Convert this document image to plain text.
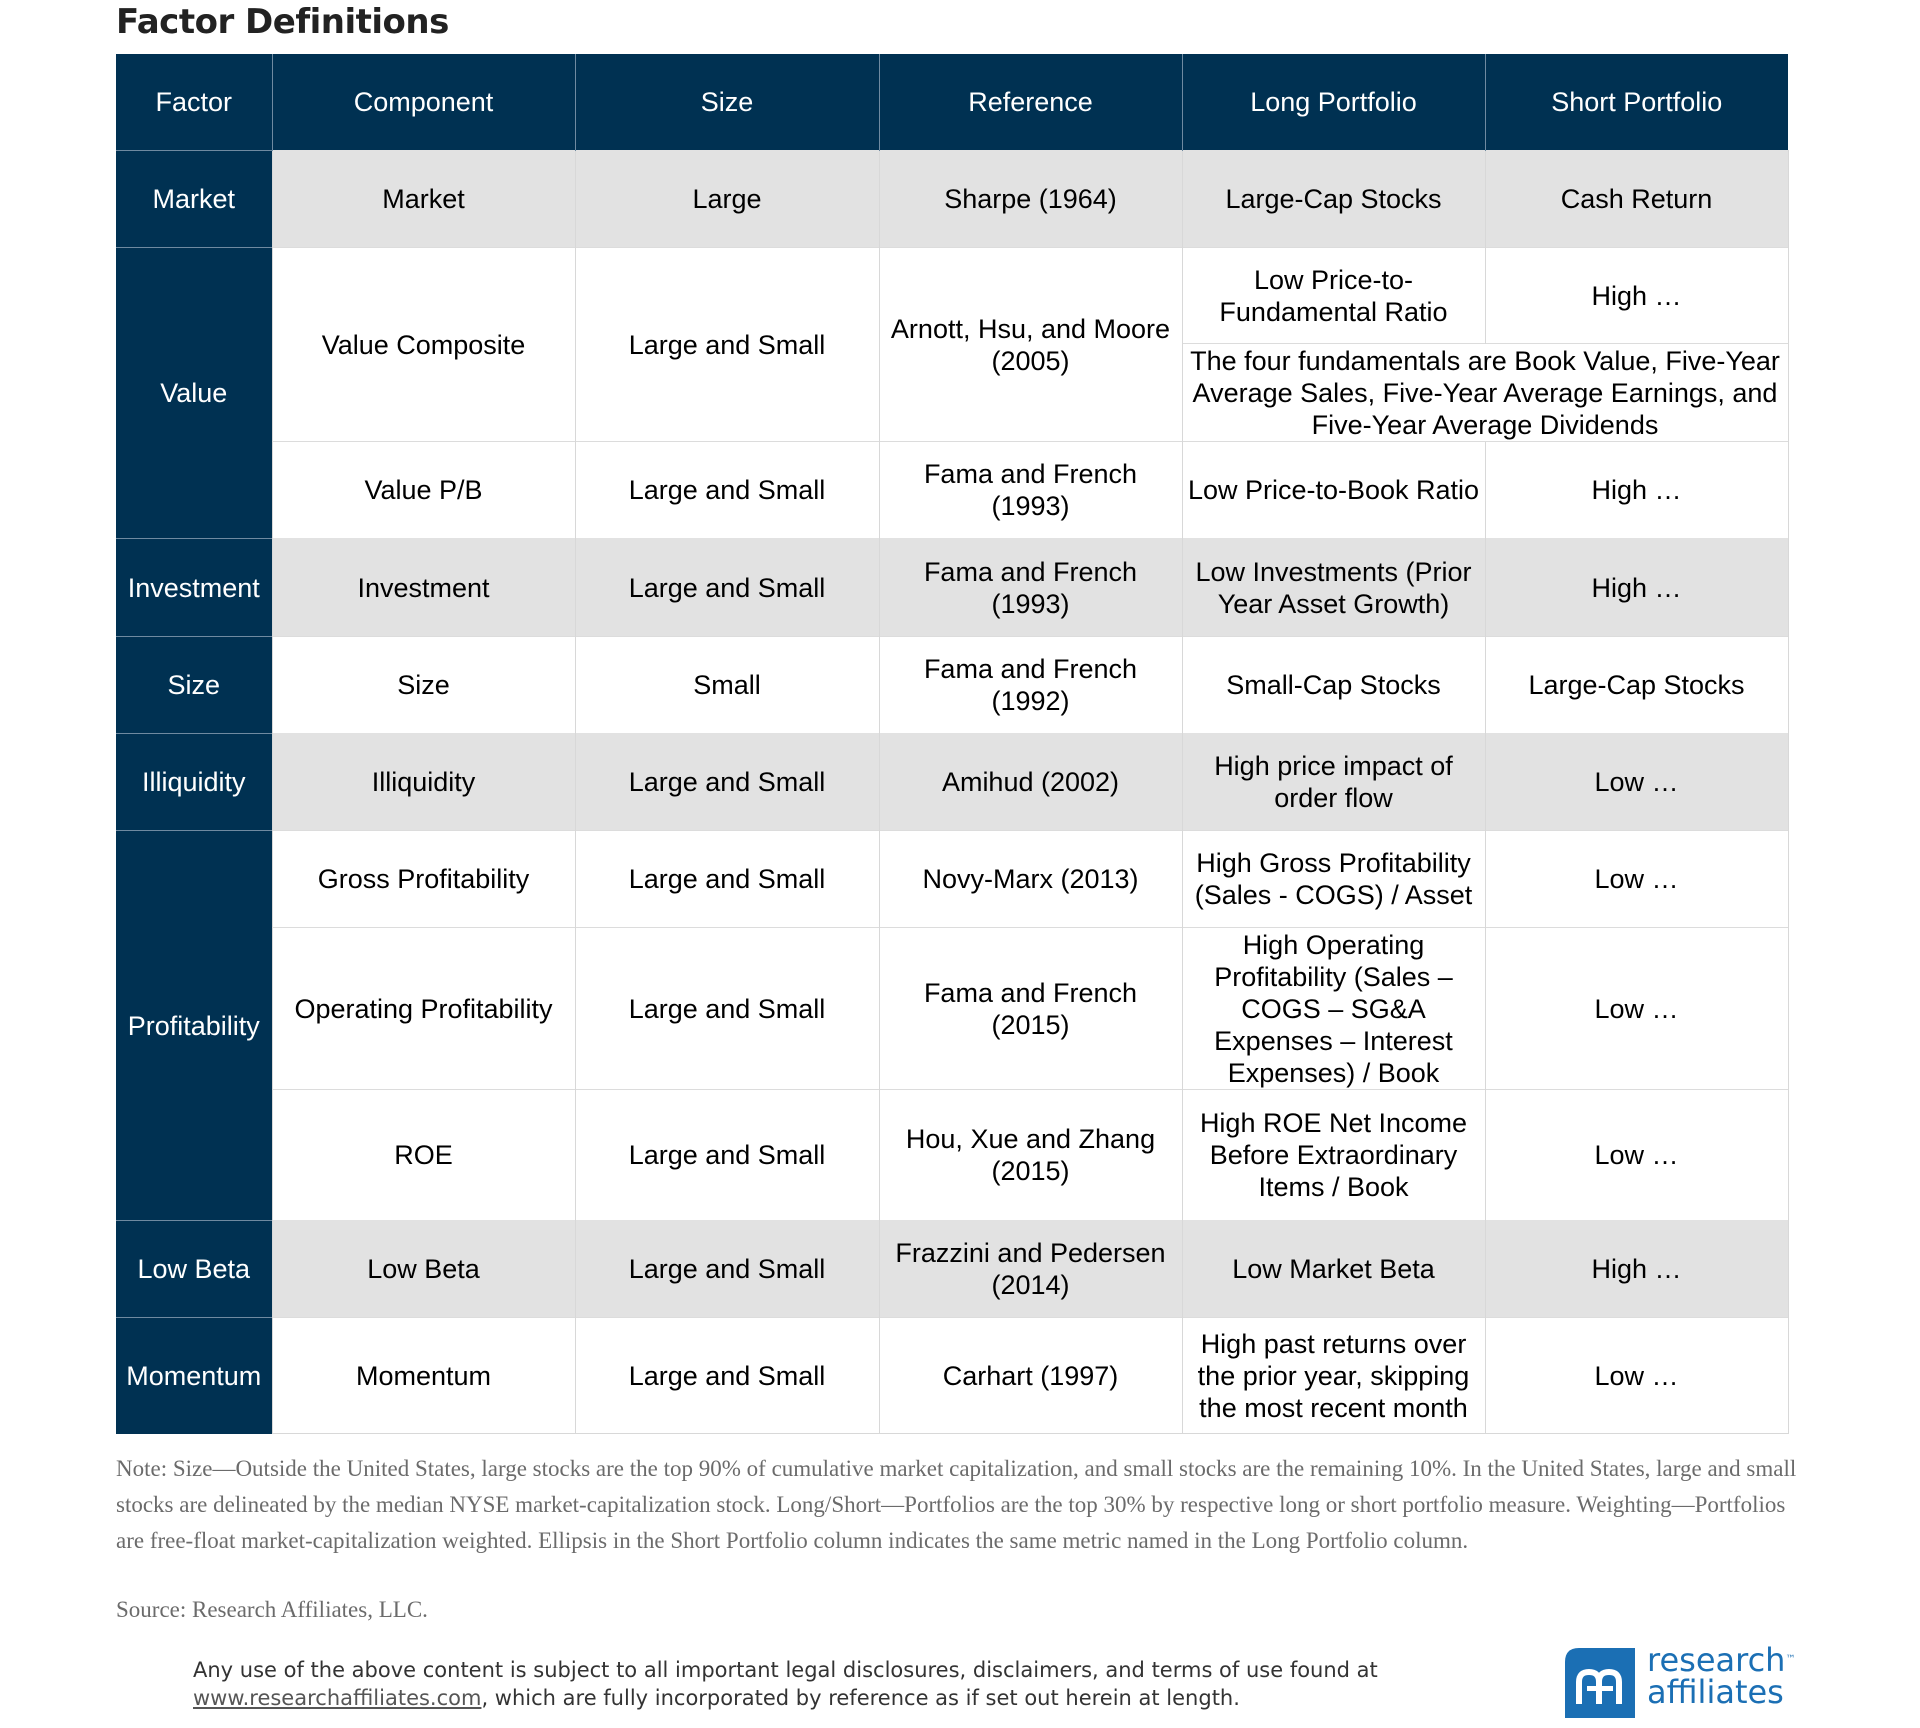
Factor Definitions
Factor	Component	Size	Reference	Long Portfolio	Short Portfolio
Market	Market	Large	Sharpe (1964)	Large-Cap Stocks	Cash Return
Value	Value Composite	Large and Small	Arnott, Hsu, and Moore (2005)	Low Price-to-Fundamental Ratio	High …
				The four fundamentals are Book Value, Five-Year Average Sales, Five-Year Average Earnings, and Five-Year Average Dividends	
	Value P/B	Large and Small	Fama and French (1993)	Low Price-to-Book Ratio	High …
Investment	Investment	Large and Small	Fama and French (1993)	Low Investments (Prior Year Asset Growth)	High …
Size	Size	Small	Fama and French (1992)	Small-Cap Stocks	Large-Cap Stocks
Illiquidity	Illiquidity	Large and Small	Amihud (2002)	High price impact of order flow	Low …
Profitability	Gross Profitability	Large and Small	Novy-Marx (2013)	High Gross Profitability (Sales - COGS) / Asset	Low …
	Operating Profitability	Large and Small	Fama and French (2015)	High Operating Profitability (Sales – COGS – SG&A Expenses – Interest Expenses) / Book	Low …
	ROE	Large and Small	Hou, Xue and Zhang (2015)	High ROE Net Income Before Extraordinary Items / Book	Low …
Low Beta	Low Beta	Large and Small	Frazzini and Pedersen (2014)	Low Market Beta	High …
Momentum	Momentum	Large and Small	Carhart (1997)	High past returns over the prior year, skipping the most recent month	Low …
Note: Size—Outside the United States, large stocks are the top 90% of cumulative market capitalization, and small stocks are the remaining 10%. In the United States, large and small stocks are delineated by the median NYSE market-capitalization stock. Long/Short—Portfolios are the top 30% by respective long or short portfolio measure. Weighting—Portfolios are free-float market-capitalization weighted. Ellipsis in the Short Portfolio column indicates the same metric named in the Long Portfolio column.
Source: Research Affiliates, LLC.
Any use of the above content is subject to all important legal disclosures, disclaimers, and terms of use found at
www.researchaffiliates.com, which are fully incorporated by reference as if set out herein at length.
research™
affiliates
